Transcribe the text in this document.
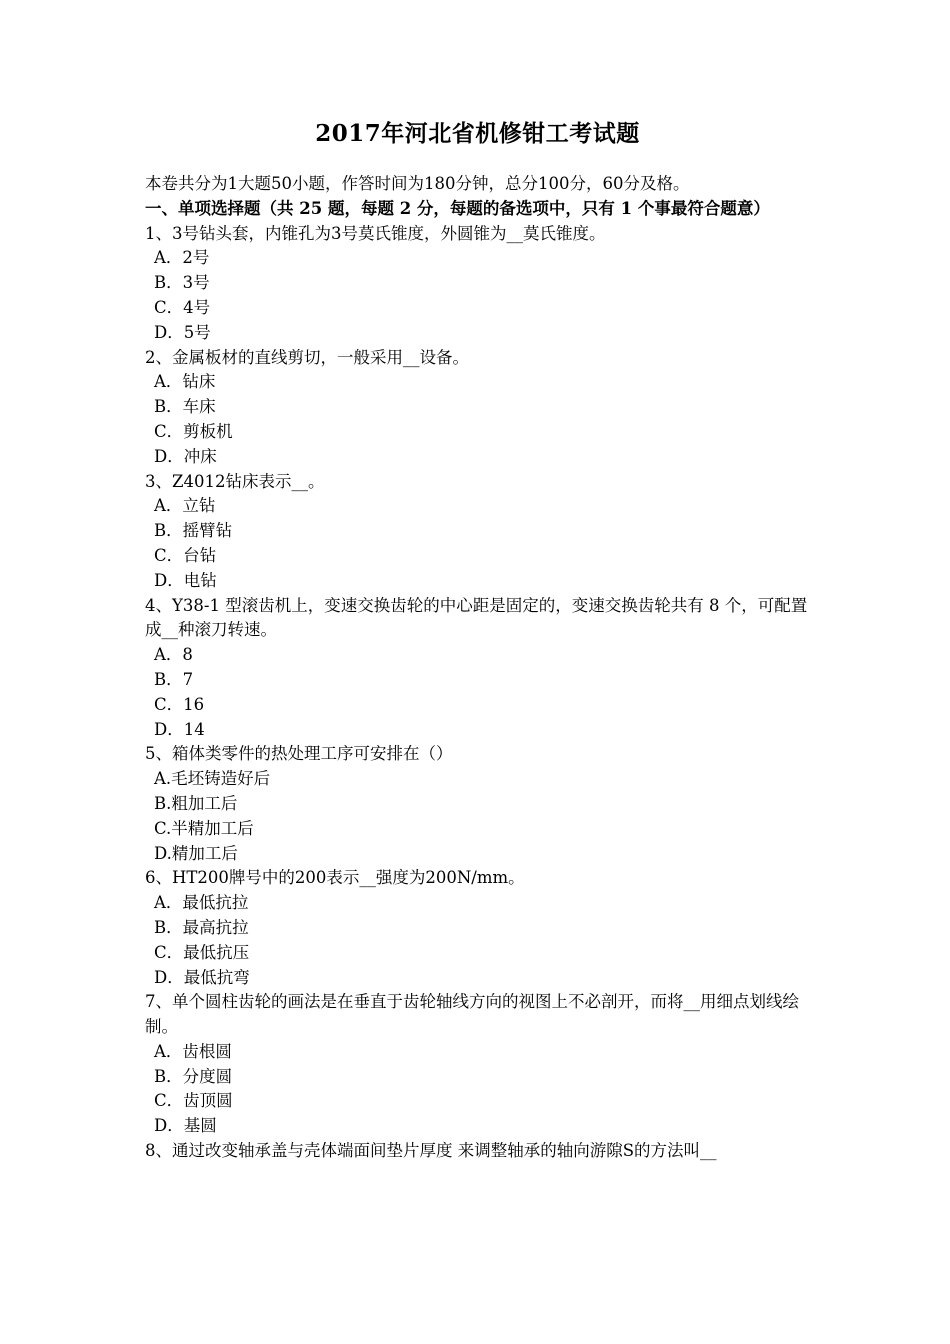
2017年河北省机修钳工考试题
本卷共分为1大题50小题，作答时间为180分钟，总分100分，60分及格。
一、单项选择题（共 25 题，每题 2 分，每题的备选项中，只有 1 个事最符合题意）
1、3号钻头套，内锥孔为3号莫氏锥度，外圆锥为__莫氏锥度。
A．2号
B．3号
C．4号
D．5号
2、金属板材的直线剪切，一般采用__设备。
A．钻床
B．车床
C．剪板机
D．冲床
3、Z4012钻床表示__。
A．立钻
B．摇臂钻
C．台钻
D．电钻
4、Y38-1 型滚齿机上，变速交换齿轮的中心距是固定的，变速交换齿轮共有 8 个，可配置成__种滚刀转速。
A．8
B．7
C．16
D．14
5、箱体类零件的热处理工序可安排在（）
A.毛坯铸造好后
B.粗加工后
C.半精加工后
D.精加工后
6、HT200牌号中的200表示__强度为200N/mm。
A．最低抗拉
B．最高抗拉
C．最低抗压
D．最低抗弯
7、单个圆柱齿轮的画法是在垂直于齿轮轴线方向的视图上不必剖开，而将__用细点划线绘制。
A．齿根圆
B．分度圆
C．齿顶圆
D．基圆
8、通过改变轴承盖与壳体端面间垫片厚度 来调整轴承的轴向游隙S的方法叫__
